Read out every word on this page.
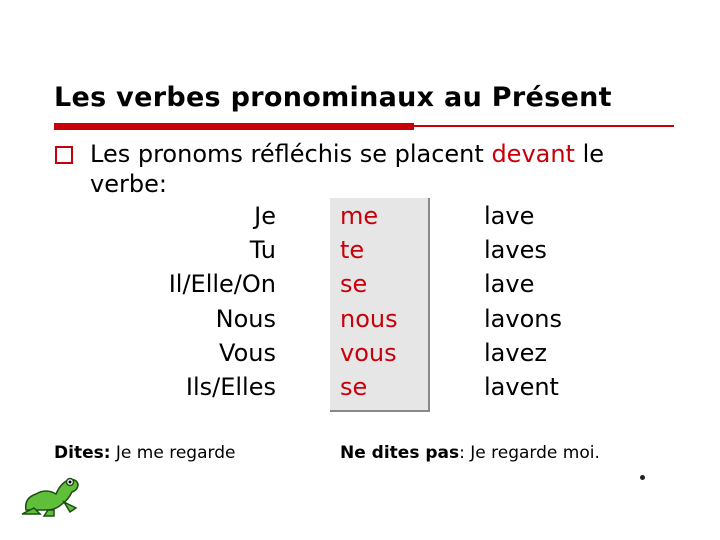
Les verbes pronominaux au Présent
Les pronoms réfléchis se placent devant le
verbe:
Je	me	lave
Tu	te	laves
Il/Elle/On	se	lave
Nous	nous	lavons
Vous	vous	lavez
Ils/Elles	se	lavent
Dites: Je me regarde	Ne dites pas: Je regarde moi.
